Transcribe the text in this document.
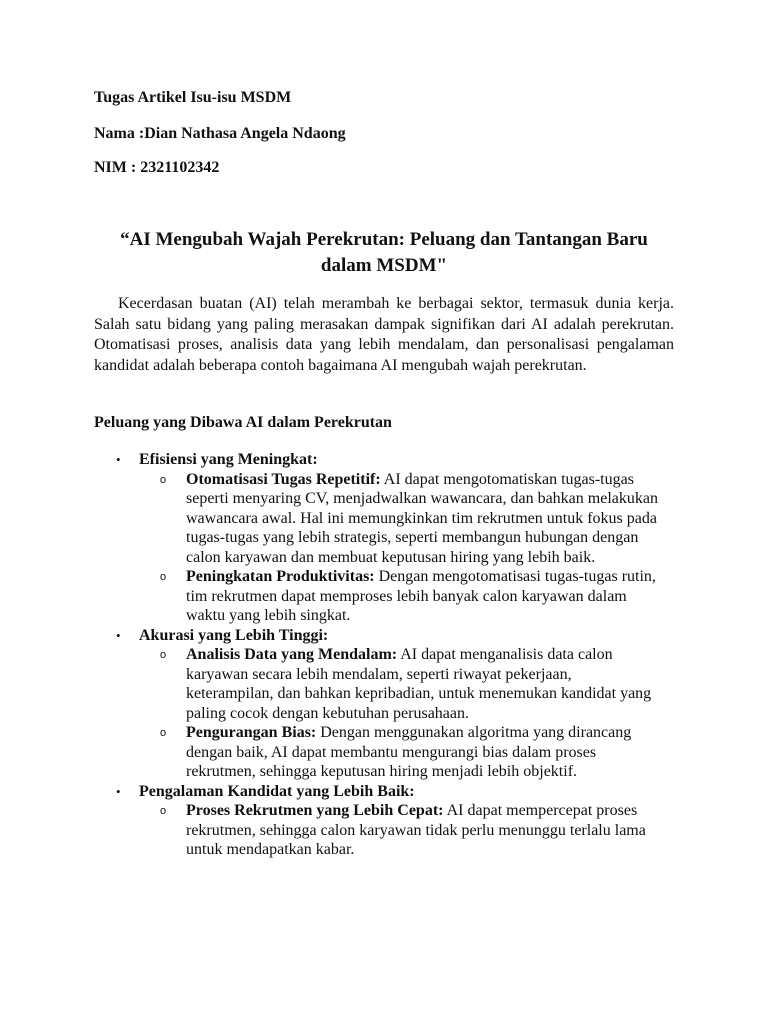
Tugas Artikel Isu-isu MSDM
Nama :Dian Nathasa Angela Ndaong
NIM : 2321102342
“AI Mengubah Wajah Perekrutan: Peluang dan Tantangan Baru dalam MSDM"

Kecerdasan buatan (AI) telah merambah ke berbagai sektor, termasuk dunia kerja. Salah satu bidang yang paling merasakan dampak signifikan dari AI adalah perekrutan. Otomatisasi proses, analisis data yang lebih mendalam, dan personalisasi pengalaman kandidat adalah beberapa contoh bagaimana AI mengubah wajah perekrutan.

Peluang yang Dibawa AI dalam Perekrutan
• Efisiensi yang Meningkat:
o Otomatisasi Tugas Repetitif: AI dapat mengotomatiskan tugas-tugas seperti menyaring CV, menjadwalkan wawancara, dan bahkan melakukan wawancara awal. Hal ini memungkinkan tim rekrutmen untuk fokus pada tugas-tugas yang lebih strategis, seperti membangun hubungan dengan calon karyawan dan membuat keputusan hiring yang lebih baik.
o Peningkatan Produktivitas: Dengan mengotomatisasi tugas-tugas rutin, tim rekrutmen dapat memproses lebih banyak calon karyawan dalam waktu yang lebih singkat.
• Akurasi yang Lebih Tinggi:
o Analisis Data yang Mendalam: AI dapat menganalisis data calon karyawan secara lebih mendalam, seperti riwayat pekerjaan, keterampilan, dan bahkan kepribadian, untuk menemukan kandidat yang paling cocok dengan kebutuhan perusahaan.
o Pengurangan Bias: Dengan menggunakan algoritma yang dirancang dengan baik, AI dapat membantu mengurangi bias dalam proses rekrutmen, sehingga keputusan hiring menjadi lebih objektif.
• Pengalaman Kandidat yang Lebih Baik:
o Proses Rekrutmen yang Lebih Cepat: AI dapat mempercepat proses rekrutmen, sehingga calon karyawan tidak perlu menunggu terlalu lama untuk mendapatkan kabar.
